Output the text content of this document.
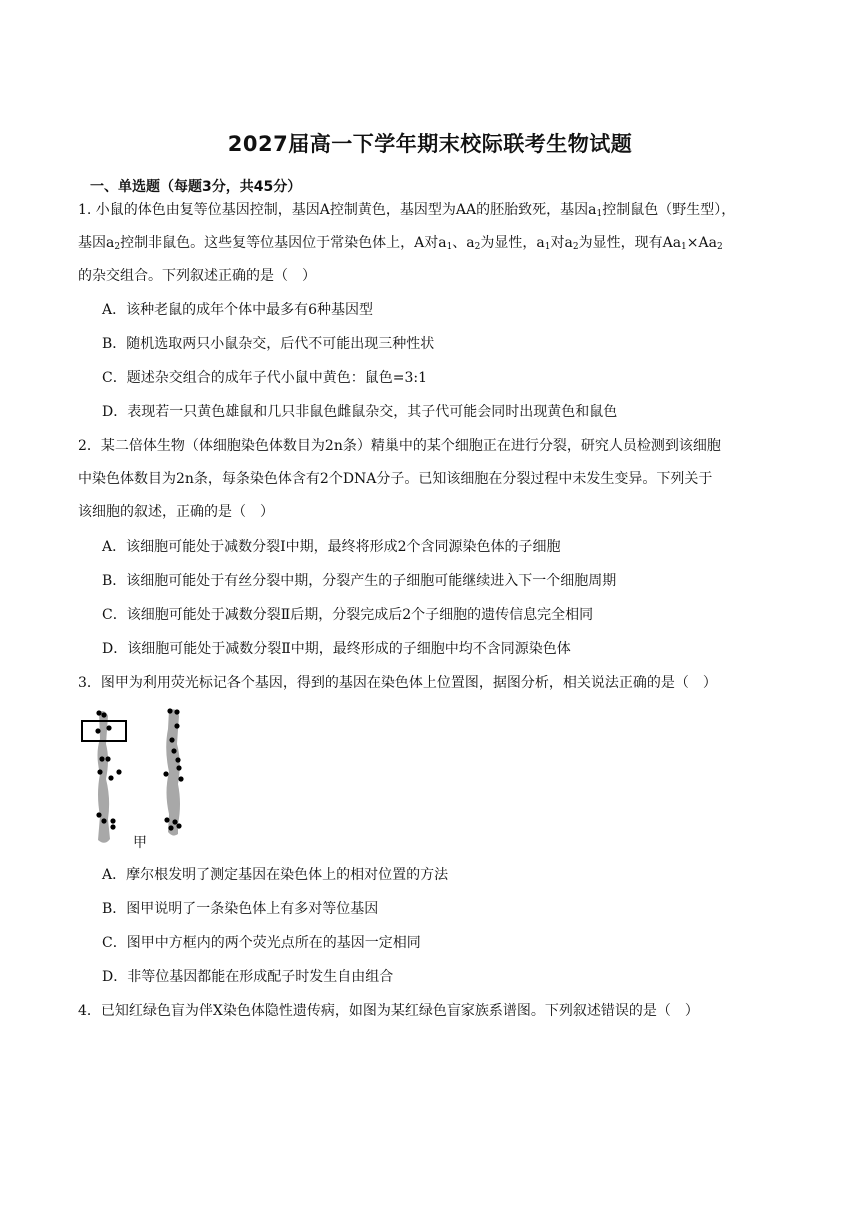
2027届高一下学年期末校际联考生物试题
一、单选题（每题3分，共45分）
1. 小鼠的体色由复等位基因控制，基因A控制黄色，基因型为AA的胚胎致死，基因$a_1$控制鼠色（野生型），
基因$a_2$控制非鼠色。这些复等位基因位于常染色体上，A对$a_1$、$a_2$为显性，$a_1$对$a_2$为显性，现有$Aa_1\times Aa_2$
的杂交组合。下列叙述正确的是（　）
A．该种老鼠的成年个体中最多有6种基因型
B．随机选取两只小鼠杂交，后代不可能出现三种性状
C．题述杂交组合的成年子代小鼠中黄色：鼠色=3:1
D．表现若一只黄色雄鼠和几只非鼠色雌鼠杂交，其子代可能会同时出现黄色和鼠色
2．某二倍体生物（体细胞染色体数目为2n条）精巢中的某个细胞正在进行分裂，研究人员检测到该细胞
中染色体数目为2n条，每条染色体含有2个DNA分子。已知该细胞在分裂过程中未发生变异。下列关于
该细胞的叙述，正确的是（　）
A．该细胞可能处于减数分裂Ⅰ中期，最终将形成2个含同源染色体的子细胞
B．该细胞可能处于有丝分裂中期，分裂产生的子细胞可能继续进入下一个细胞周期
C．该细胞可能处于减数分裂Ⅱ后期，分裂完成后2个子细胞的遗传信息完全相同
D．该细胞可能处于减数分裂Ⅱ中期，最终形成的子细胞中均不含同源染色体
3．图甲为利用荧光标记各个基因，得到的基因在染色体上位置图，据图分析，相关说法正确的是（　）
甲
A．摩尔根发明了测定基因在染色体上的相对位置的方法
B．图甲说明了一条染色体上有多对等位基因
C．图甲中方框内的两个荧光点所在的基因一定相同
D．非等位基因都能在形成配子时发生自由组合
4．已知红绿色盲为伴X染色体隐性遗传病，如图为某红绿色盲家族系谱图。下列叙述错误的是（　）
